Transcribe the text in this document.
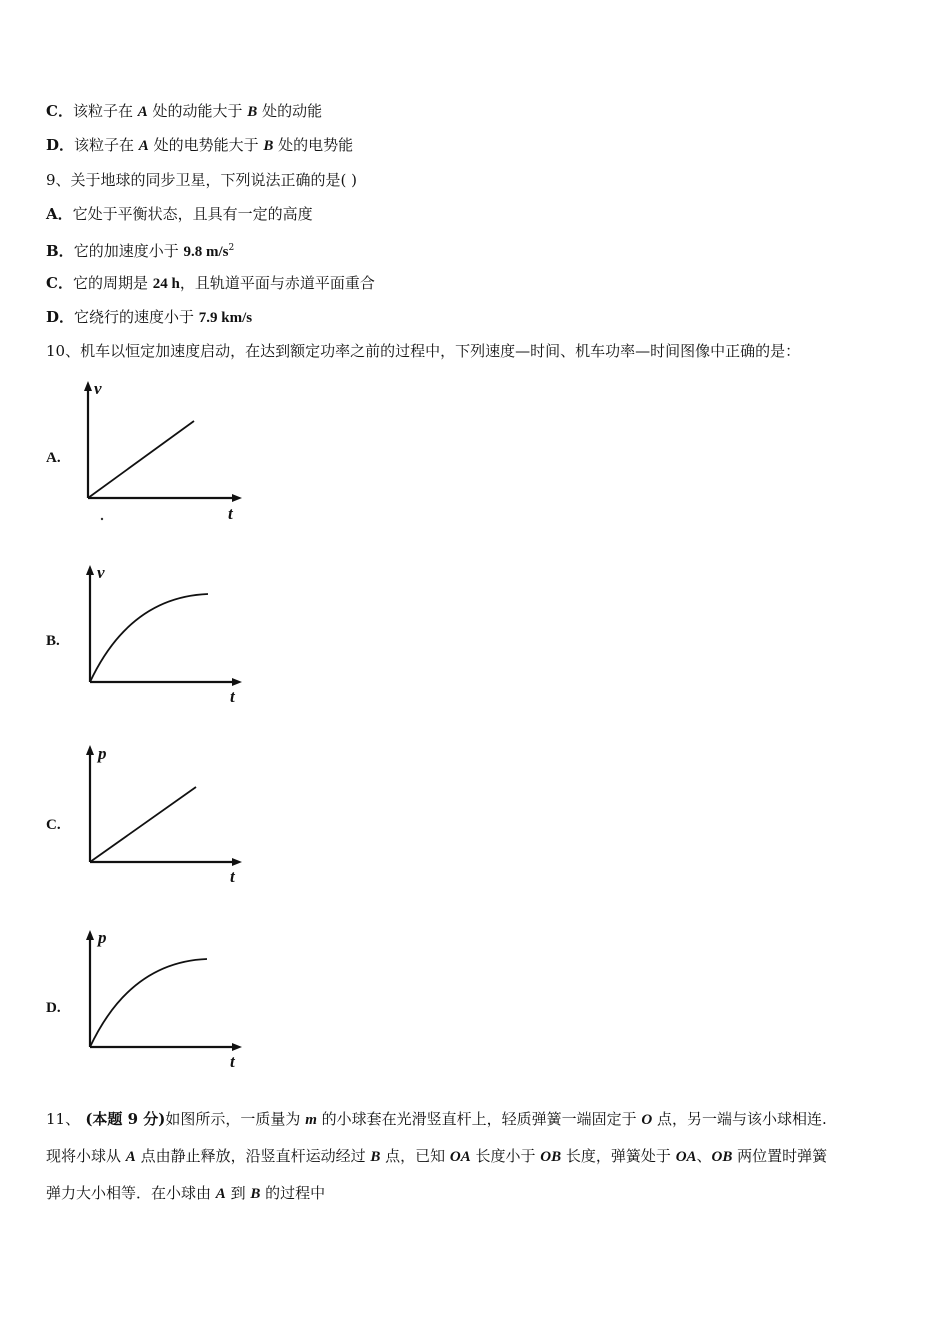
C．该粒子在 A 处的动能大于 B 处的动能
D．该粒子在 A 处的电势能大于 B 处的电势能
9、关于地球的同步卫星，下列说法正确的是( )
A．它处于平衡状态，且具有一定的高度
B．它的加速度小于 9.8 $m/s^2$
C．它的周期是 24 h，且轨道平面与赤道平面重合
D．它绕行的速度小于 7.9 km/s
10、机车以恒定加速度启动，在达到额定功率之前的过程中，下列速度—时间、机车功率—时间图像中正确的是：
A.
v
t
B.
v
t
C.
p
t
D.
p
t
11、 (本题 9 分)如图所示，一质量为 m 的小球套在光滑竖直杆上，轻质弹簧一端固定于 O 点，另一端与该小球相连.
现将小球从 A 点由静止释放，沿竖直杆运动经过 B 点，已知 OA 长度小于 OB 长度，弹簧处于 OA、OB 两位置时弹簧
弹力大小相等．在小球由 A 到 B 的过程中
